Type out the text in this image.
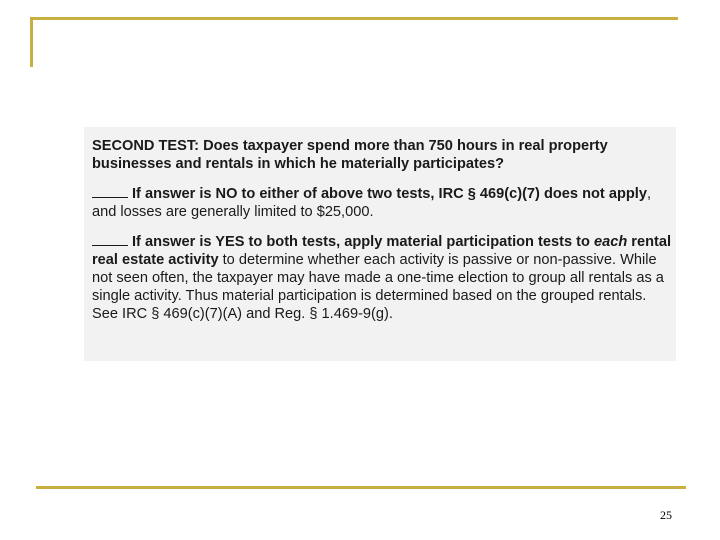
SECOND TEST: Does taxpayer spend more than 750 hours in real property businesses and rentals in which he materially participates?

If answer is NO to either of above two tests, IRC § 469(c)(7) does not apply, and losses are generally limited to $25,000.

If answer is YES to both tests, apply material participation tests to each rental real estate activity to determine whether each activity is passive or non-passive. While not seen often, the taxpayer may have made a one-time election to group all rentals as a single activity. Thus material participation is determined based on the grouped rentals. See IRC § 469(c)(7)(A) and Reg. § 1.469-9(g).

25
